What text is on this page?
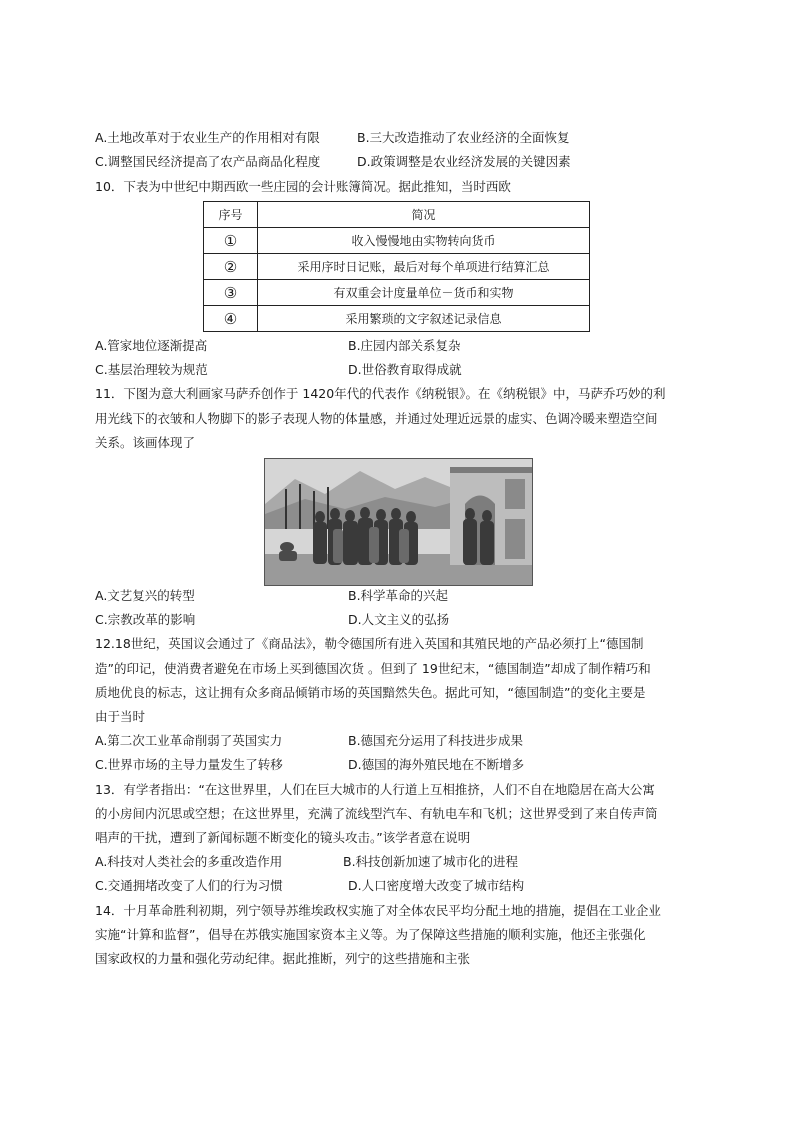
A.土地改革对于农业生产的作用相对有限	B.三大改造推动了农业经济的全面恢复
C.调整国民经济提高了农产品商品化程度	D.政策调整是农业经济发展的关键因素
10．下表为中世纪中期西欧一些庄园的会计账簿简况。据此推知，当时西欧
序号	简况
①	收入慢慢地由实物转向货币
②	采用序时日记账，最后对每个单项进行结算汇总
③	有双重会计度量单位－货币和实物
④	采用繁琐的文字叙述记录信息
A.管家地位逐渐提高	B.庄园内部关系复杂
C.基层治理较为规范	D.世俗教育取得成就
11．下图为意大利画家马萨乔创作于 1420年代的代表作《纳税银》。在《纳税银》中，马萨乔巧妙的利
用光线下的衣皱和人物脚下的影子表现人物的体量感，并通过处理近远景的虚实、色调冷暖来塑造空间
关系。该画体现了
A.文艺复兴的转型	B.科学革命的兴起
C.宗教改革的影响	D.人文主义的弘扬
12.18世纪，英国议会通过了《商品法》，勒令德国所有进入英国和其殖民地的产品必须打上“德国制
造”的印记，使消费者避免在市场上买到德国次货 。但到了 19世纪末，“德国制造”却成了制作精巧和
质地优良的标志，这让拥有众多商品倾销市场的英国黯然失色。据此可知，“德国制造”的变化主要是
由于当时
A.第二次工业革命削弱了英国实力	B.德国充分运用了科技进步成果
C.世界市场的主导力量发生了转移	D.德国的海外殖民地在不断增多
13．有学者指出：“在这世界里，人们在巨大城市的人行道上互相推挤，人们不自在地隐居在高大公寓
的小房间内沉思或空想；在这世界里，充满了流线型汽车、有轨电车和飞机；这世界受到了来自传声筒
唱声的干扰，遭到了新闻标题不断变化的镜头攻击。”该学者意在说明
A.科技对人类社会的多重改造作用	B.科技创新加速了城市化的进程
C.交通拥堵改变了人们的行为习惯	D.人口密度增大改变了城市结构
14．十月革命胜利初期，列宁领导苏维埃政权实施了对全体农民平均分配土地的措施，提倡在工业企业
实施“计算和监督”，倡导在苏俄实施国家资本主义等。为了保障这些措施的顺利实施，他还主张强化
国家政权的力量和强化劳动纪律。据此推断，列宁的这些措施和主张
